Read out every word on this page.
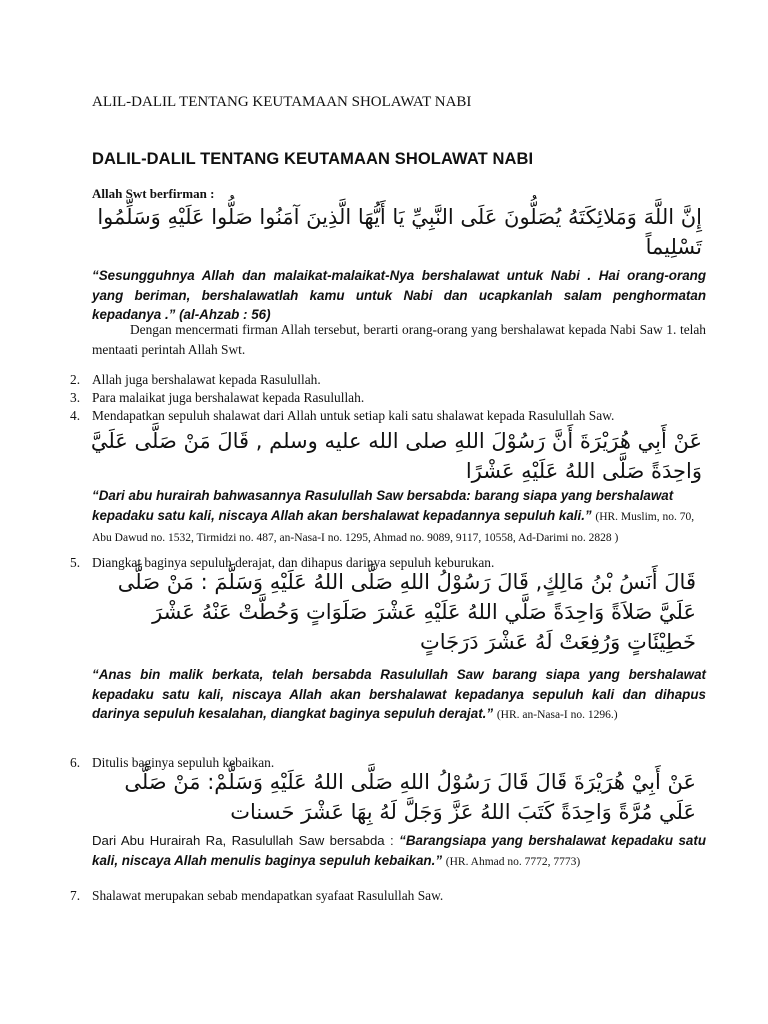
ALIL-DALIL TENTANG KEUTAMAAN SHOLAWAT NABI
DALIL-DALIL TENTANG KEUTAMAAN SHOLAWAT NABI
Allah Swt berfirman :
إِنَّ اللَّهَ وَمَلائِكَتَهُ يُصَلُّونَ عَلَى النَّبِيِّ يَا أَيُّهَا الَّذِينَ آمَنُوا صَلُّوا عَلَيْهِ وَسَلِّمُوا تَسْلِيماً
“Sesungguhnya Allah dan malaikat-malaikat-Nya bershalawat untuk Nabi . Hai orang-orang yang beriman, bershalawatlah kamu untuk Nabi dan ucapkanlah salam penghormatan kepadanya .” (al-Ahzab : 56)
Dengan mencermati firman Allah tersebut, berarti orang-orang yang bershalawat kepada Nabi Saw 1. telah mentaati perintah Allah Swt.
2. Allah juga bershalawat kepada Rasulullah.
3. Para malaikat juga bershalawat kepada Rasulullah.
4. Mendapatkan sepuluh shalawat dari Allah untuk setiap kali satu shalawat kepada Rasulullah Saw.
عَنْ أَبِي هُرَيْرَةَ أَنَّ رَسُوْلَ اللهِ صلى الله عليه وسلم , قَالَ مَنْ صَلَّى عَلَيَّ وَاحِدَةً صَلَّى اللهُ عَلَيْهِ عَشْرًا
“Dari abu hurairah bahwasannya Rasulullah Saw bersabda: barang siapa yang bershalawat kepadaku satu kali, niscaya Allah akan bershalawat kepadannya sepuluh kali.” (HR. Muslim, no. 70, Abu Dawud no. 1532, Tirmidzi no. 487, an-Nasa-I no. 1295, Ahmad no. 9089, 9117, 10558, Ad-Darimi no. 2828 )
5. Diangkat baginya sepuluh derajat, dan dihapus darinya sepuluh keburukan.
قَالَ أَنَسُ بْنُ مَالِكٍ, قَالَ رَسُوْلُ اللهِ صَلَّى اللهُ عَلَيْهِ وَسَلَّمَ : مَنْ صَلَّى عَلَيَّ صَلاَةً وَاحِدَةً صَلَّي اللهُ عَلَيْهِ عَشْرَ صَلَوَاتٍ وَحُطَّتْ عَنْهُ عَشْرَ خَطِيْئَاتٍ وَرُفِعَتْ لَهُ عَشْرَ دَرَجَاتٍ
“Anas bin malik berkata, telah bersabda Rasulullah Saw barang siapa yang bershalawat kepadaku satu kali, niscaya Allah akan bershalawat kepadanya sepuluh kali dan dihapus darinya sepuluh kesalahan, diangkat baginya sepuluh derajat.” (HR. an-Nasa-I no. 1296.)
6. Ditulis baginya sepuluh kebaikan.
عَنْ أَبِيْ هُرَيْرَةَ قَالَ قَالَ رَسُوْلُ اللهِ صَلَّى اللهُ عَلَيْهِ وَسَلَّمْ: مَنْ صَلَّى عَلَي مُرَّةً وَاحِدَةً كَتَبَ اللهُ عَزَّ وَجَلَّ لَهُ بِهَا عَشْرَ حَسنات
Dari Abu Hurairah Ra, Rasulullah Saw bersabda : “Barangsiapa yang bershalawat kepadaku satu kali, niscaya Allah menulis baginya sepuluh kebaikan.” (HR. Ahmad no. 7772, 7773)
7. Shalawat merupakan sebab mendapatkan syafaat Rasulullah Saw.
